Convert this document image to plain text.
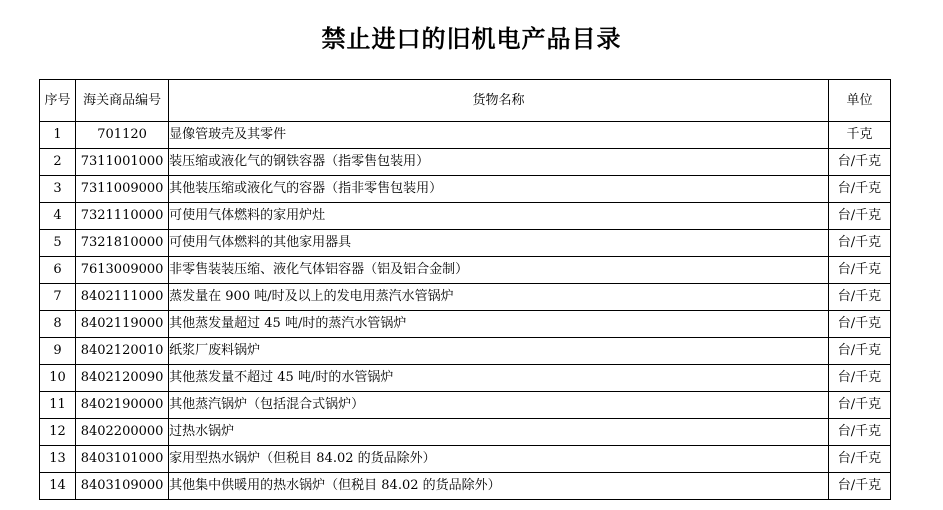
禁止进口的旧机电产品目录
序号	海关商品编号	货物名称	单位
1	701120	显像管玻壳及其零件	千克
2	7311001000	装压缩或液化气的钢铁容器（指零售包装用）	台/千克
3	7311009000	其他装压缩或液化气的容器（指非零售包装用）	台/千克
4	7321110000	可使用气体燃料的家用炉灶	台/千克
5	7321810000	可使用气体燃料的其他家用器具	台/千克
6	7613009000	非零售装装压缩、液化气体铝容器（铝及铝合金制）	台/千克
7	8402111000	蒸发量在 900 吨/时及以上的发电用蒸汽水管锅炉	台/千克
8	8402119000	其他蒸发量超过 45 吨/时的蒸汽水管锅炉	台/千克
9	8402120010	纸浆厂废料锅炉	台/千克
10	8402120090	其他蒸发量不超过 45 吨/时的水管锅炉	台/千克
11	8402190000	其他蒸汽锅炉（包括混合式锅炉）	台/千克
12	8402200000	过热水锅炉	台/千克
13	8403101000	家用型热水锅炉（但税目 84.02 的货品除外）	台/千克
14	8403109000	其他集中供暖用的热水锅炉（但税目 84.02 的货品除外）	台/千克
